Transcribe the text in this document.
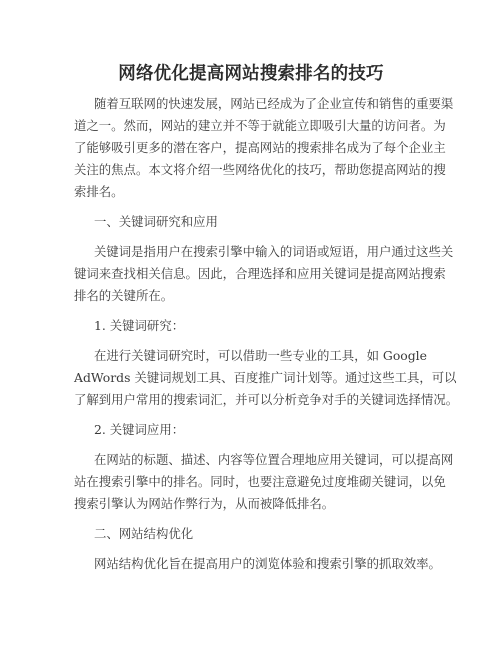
网络优化提高网站搜索排名的技巧
随着互联网的快速发展，网站已经成为了企业宣传和销售的重要渠
道之一。然而，网站的建立并不等于就能立即吸引大量的访问者。为
了能够吸引更多的潜在客户，提高网站的搜索排名成为了每个企业主
关注的焦点。本文将介绍一些网络优化的技巧，帮助您提高网站的搜
索排名。
一、关键词研究和应用
关键词是指用户在搜索引擎中输入的词语或短语，用户通过这些关
键词来查找相关信息。因此，合理选择和应用关键词是提高网站搜索
排名的关键所在。
1. 关键词研究：
在进行关键词研究时，可以借助一些专业的工具，如 Google
AdWords 关键词规划工具、百度推广词计划等。通过这些工具，可以
了解到用户常用的搜索词汇，并可以分析竞争对手的关键词选择情况。
2. 关键词应用：
在网站的标题、描述、内容等位置合理地应用关键词，可以提高网
站在搜索引擎中的排名。同时，也要注意避免过度堆砌关键词，以免
搜索引擎认为网站作弊行为，从而被降低排名。
二、网站结构优化
网站结构优化旨在提高用户的浏览体验和搜索引擎的抓取效率。
